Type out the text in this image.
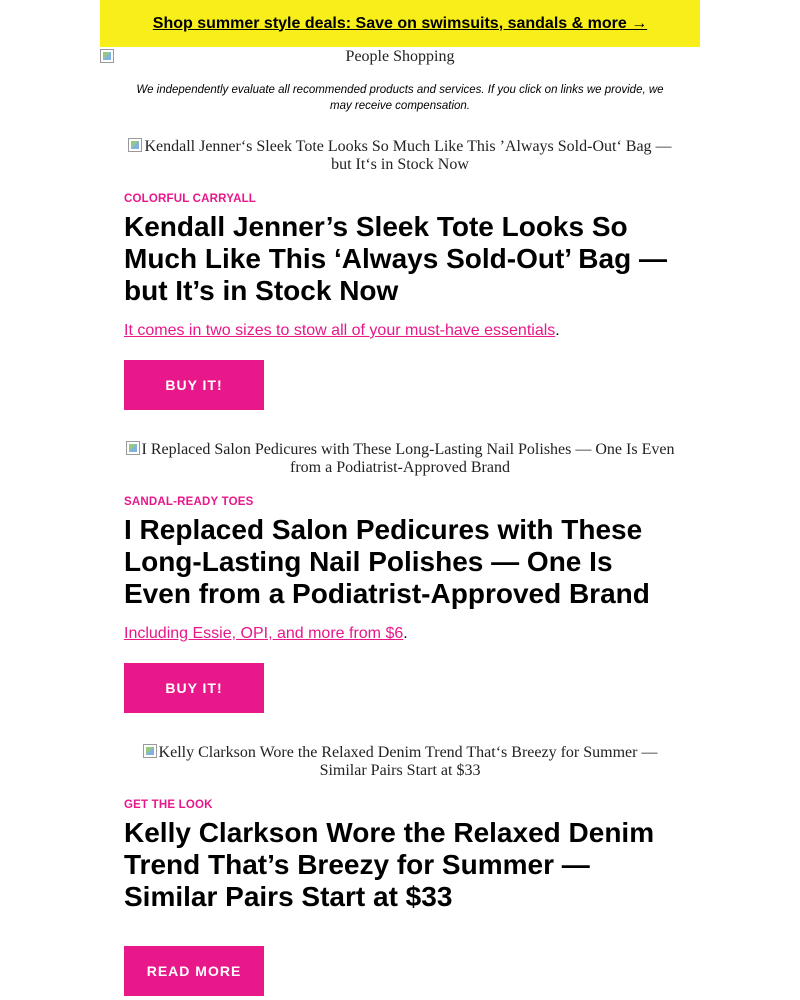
Shop summer style deals: Save on swimsuits, sandals & more →
People Shopping
We independently evaluate all recommended products and services. If you click on links we provide, we may receive compensation.
Kendall Jenner‘s Sleek Tote Looks So Much Like This ’Always Sold-Out‘ Bag — but It‘s in Stock Now
COLORFUL CARRYALL
Kendall Jenner’s Sleek Tote Looks So Much Like This ‘Always Sold-Out’ Bag — but It’s in Stock Now
It comes in two sizes to stow all of your must-have essentials.
BUY IT!
I Replaced Salon Pedicures with These Long-Lasting Nail Polishes — One Is Even from a Podiatrist-Approved Brand
SANDAL-READY TOES
I Replaced Salon Pedicures with These Long-Lasting Nail Polishes — One Is Even from a Podiatrist-Approved Brand
Including Essie, OPI, and more from $6.
BUY IT!
Kelly Clarkson Wore the Relaxed Denim Trend That‘s Breezy for Summer — Similar Pairs Start at $33
GET THE LOOK
Kelly Clarkson Wore the Relaxed Denim Trend That’s Breezy for Summer — Similar Pairs Start at $33
READ MORE
